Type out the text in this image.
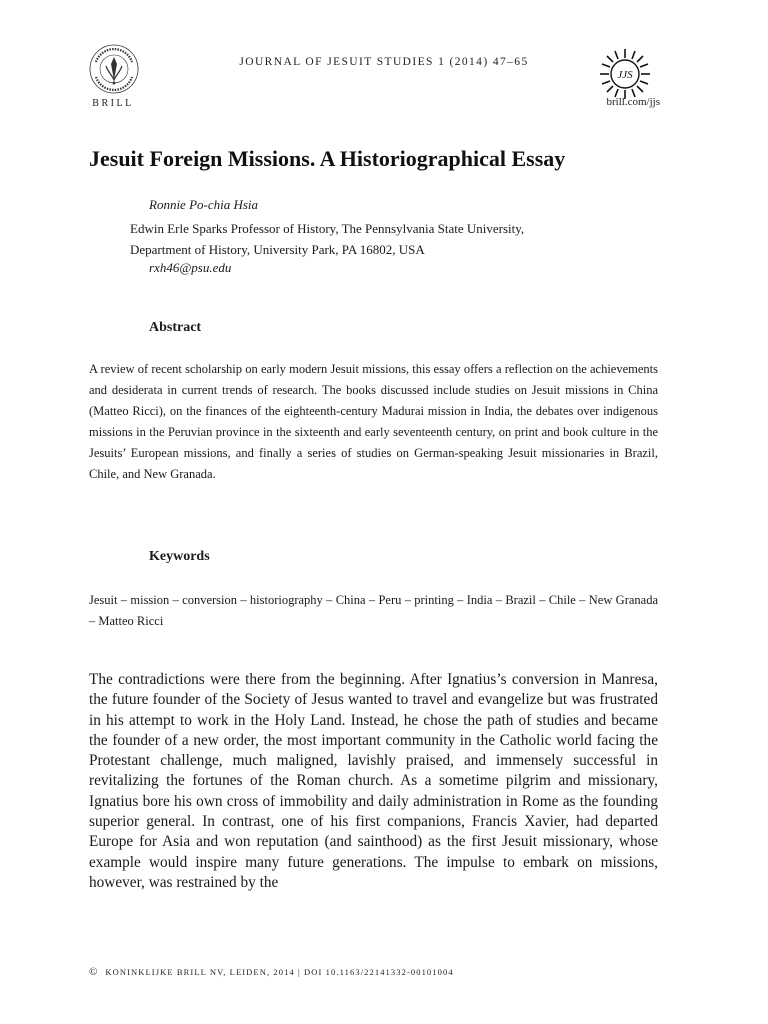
BRILL
JOURNAL OF JESUIT STUDIES 1 (2014) 47–65
JJS
brill.com/jjs
Jesuit Foreign Missions. A Historiographical Essay
Ronnie Po-chia Hsia
Edwin Erle Sparks Professor of History, The Pennsylvania State University,
Department of History, University Park, PA 16802, USA
rxh46@psu.edu
Abstract
A review of recent scholarship on early modern Jesuit missions, this essay offers a reflection on the achievements and desiderata in current trends of research. The books discussed include studies on Jesuit missions in China (Matteo Ricci), on the finances of the eighteenth-century Madurai mission in India, the debates over indigenous missions in the Peruvian province in the sixteenth and early seventeenth century, on print and book culture in the Jesuits’ European missions, and finally a series of studies on German-speaking Jesuit missionaries in Brazil, Chile, and New Granada.
Keywords
Jesuit – mission – conversion – historiography – China – Peru – printing – India – Brazil – Chile – New Granada – Matteo Ricci

The contradictions were there from the beginning. After Ignatius’s conversion in Manresa, the future founder of the Society of Jesus wanted to travel and evangelize but was frustrated in his attempt to work in the Holy Land. Instead, he chose the path of studies and became the founder of a new order, the most important community in the Catholic world facing the Protestant challenge, much maligned, lavishly praised, and immensely successful in revitalizing the fortunes of the Roman church. As a sometime pilgrim and missionary, Ignatius bore his own cross of immobility and daily administration in Rome as the founding superior general. In contrast, one of his first companions, Francis Xavier, had departed Europe for Asia and won reputation (and sainthood) as the first Jesuit missionary, whose example would inspire many future generations. The impulse to embark on missions, however, was restrained by the

© KONINKLIJKE BRILL NV, LEIDEN, 2014 | DOI 10.1163/22141332-00101004
